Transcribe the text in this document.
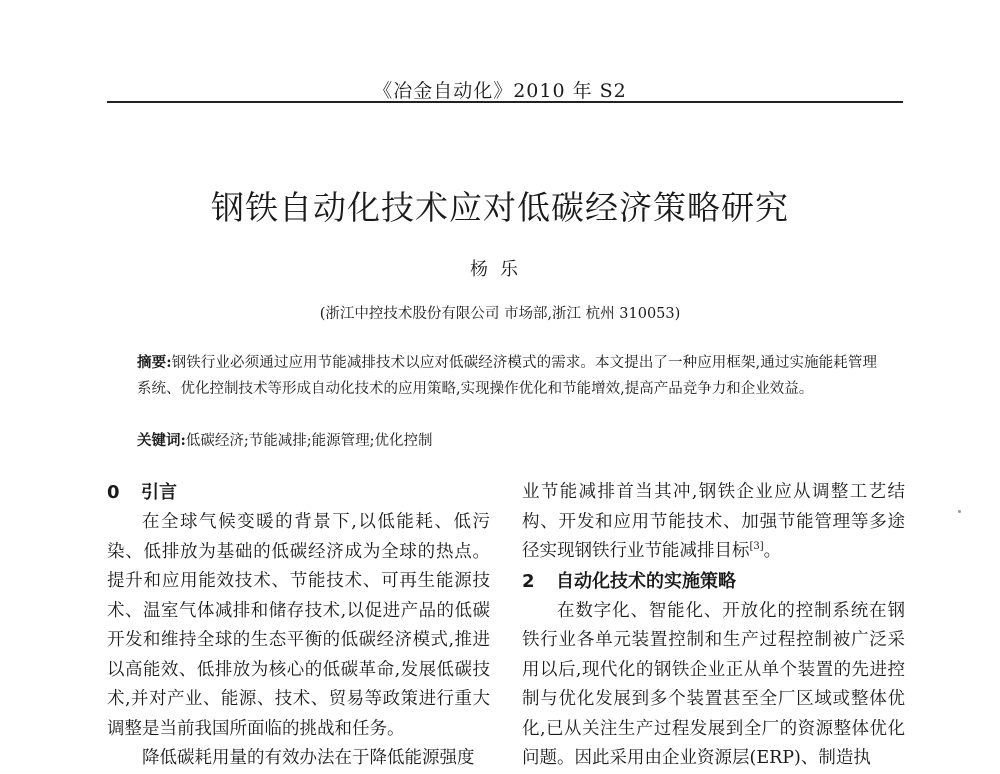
《冶金自动化》2010 年 S2
钢铁自动化技术应对低碳经济策略研究
杨乐
(浙江中控技术股份有限公司 市场部,浙江 杭州 310053)
摘要:钢铁行业必须通过应用节能减排技术以应对低碳经济模式的需求。本文提出了一种应用框架,通过实施能耗管理系统、优化控制技术等形成自动化技术的应用策略,实现操作优化和节能增效,提高产品竞争力和企业效益。
关键词:低碳经济;节能减排;能源管理;优化控制
0 引言

在全球气候变暖的背景下,以低能耗、低污染、低排放为基础的低碳经济成为全球的热点。提升和应用能效技术、节能技术、可再生能源技术、温室气体减排和储存技术,以促进产品的低碳开发和维持全球的生态平衡的低碳经济模式,推进以高能效、低排放为核心的低碳革命,发展低碳技术,并对产业、能源、技术、贸易等政策进行重大调整是当前我国所面临的挑战和任务。

降低碳耗用量的有效办法在于降低能源强度

业节能减排首当其冲,钢铁企业应从调整工艺结构、开发和应用节能技术、加强节能管理等多途径实现钢铁行业节能减排目标[3]。

2 自动化技术的实施策略

在数字化、智能化、开放化的控制系统在钢铁行业各单元装置控制和生产过程控制被广泛采用以后,现代化的钢铁企业正从单个装置的先进控制与优化发展到多个装置甚至全厂区域或整体优化,已从关注生产过程发展到全厂的资源整体优化问题。因此采用由企业资源层(ERP)、制造执
